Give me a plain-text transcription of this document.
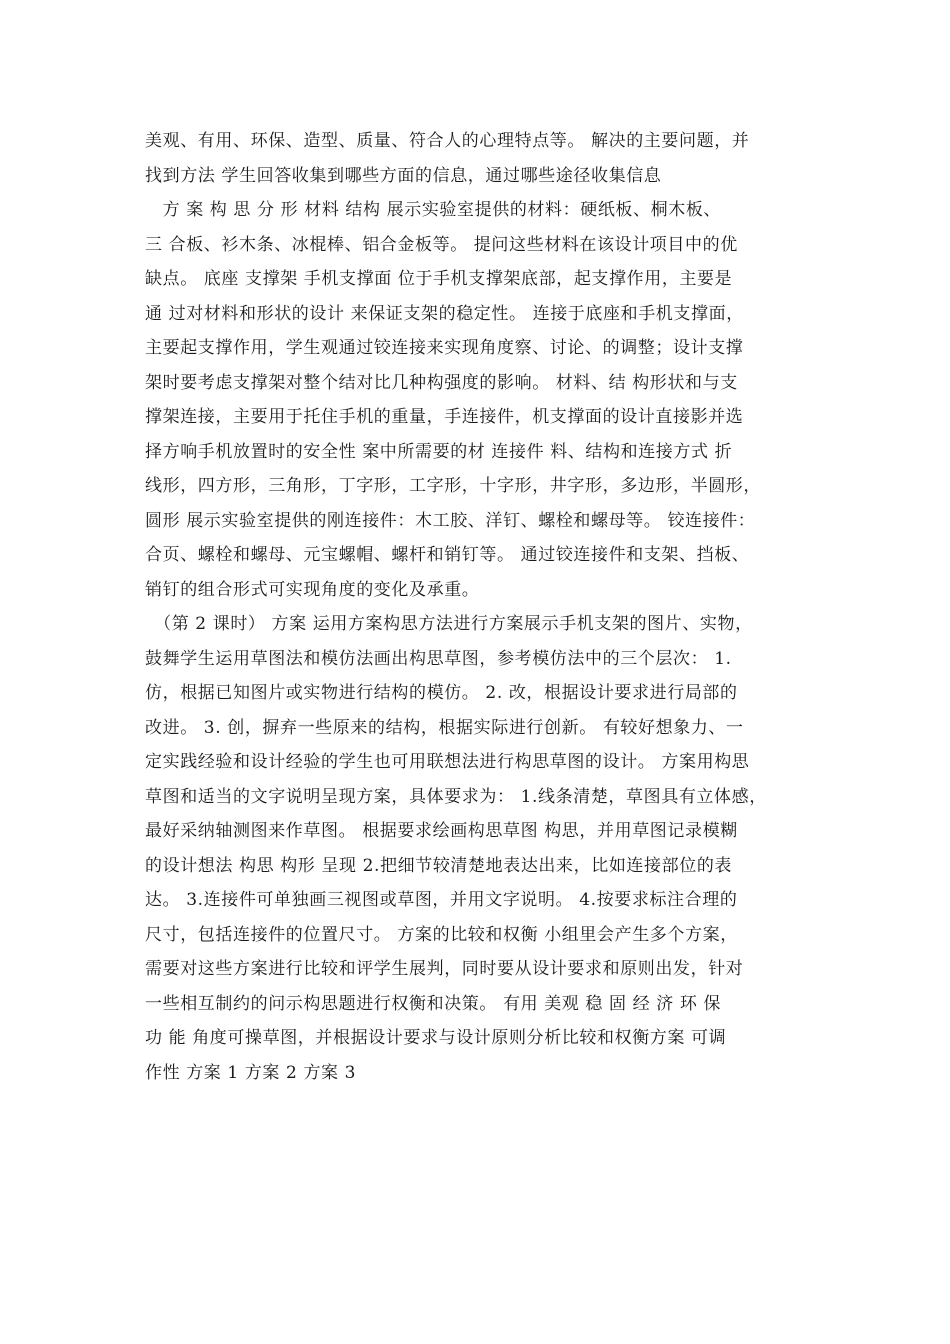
美观、有用、环保、造型、质量、符合人的心理特点等。 解决的主要问题，并
找到方法 学生回答收集到哪些方面的信息，通过哪些途径收集信息
　方 案 构 思 分 形 材料 结构 展示实验室提供的材料：硬纸板、桐木板、
三 合板、衫木条、冰棍棒、铝合金板等。 提问这些材料在该设计项目中的优
缺点。 底座 支撑架 手机支撑面 位于手机支撑架底部，起支撑作用，主要是
通 过对材料和形状的设计 来保证支架的稳定性。 连接于底座和手机支撑面，
主要起支撑作用，学生观通过铰连接来实现角度察、讨论、的调整；设计支撑
架时要考虑支撑架对整个结对比几种构强度的影响。 材料、结 构形状和与支
撑架连接，主要用于托住手机的重量，手连接件，机支撑面的设计直接影并选
择方响手机放置时的安全性 案中所需要的材 连接件 料、结构和连接方式 折
线形，四方形，三角形，丁字形，工字形，十字形，井字形，多边形，半圆形，
圆形 展示实验室提供的刚连接件：木工胶、洋钉、螺栓和螺母等。 铰连接件：
合页、螺栓和螺母、元宝螺帽、螺杆和销钉等。 通过铰连接件和支架、挡板、
销钉的组合形式可实现角度的变化及承重。
　（第 2 课时） 方案 运用方案构思方法进行方案展示手机支架的图片、实物，
鼓舞学生运用草图法和模仿法画出构思草图，参考模仿法中的三个层次： 1.
仿，根据已知图片或实物进行结构的模仿。 2. 改，根据设计要求进行局部的
改进。 3. 创，摒弃一些原来的结构，根据实际进行创新。 有较好想象力、一
定实践经验和设计经验的学生也可用联想法进行构思草图的设计。 方案用构思
草图和适当的文字说明呈现方案，具体要求为： 1.线条清楚，草图具有立体感，
最好采纳轴测图来作草图。 根据要求绘画构思草图 构思，并用草图记录模糊
的设计想法 构思 构形 呈现 2.把细节较清楚地表达出来，比如连接部位的表
达。 3.连接件可单独画三视图或草图，并用文字说明。 4.按要求标注合理的
尺寸，包括连接件的位置尺寸。 方案的比较和权衡 小组里会产生多个方案，
需要对这些方案进行比较和评学生展判，同时要从设计要求和原则出发，针对
一些相互制约的问示构思题进行权衡和决策。 有用 美观 稳 固 经 济 环 保
功 能 角度可操草图，并根据设计要求与设计原则分析比较和权衡方案 可调
作性 方案 1 方案 2 方案 3
